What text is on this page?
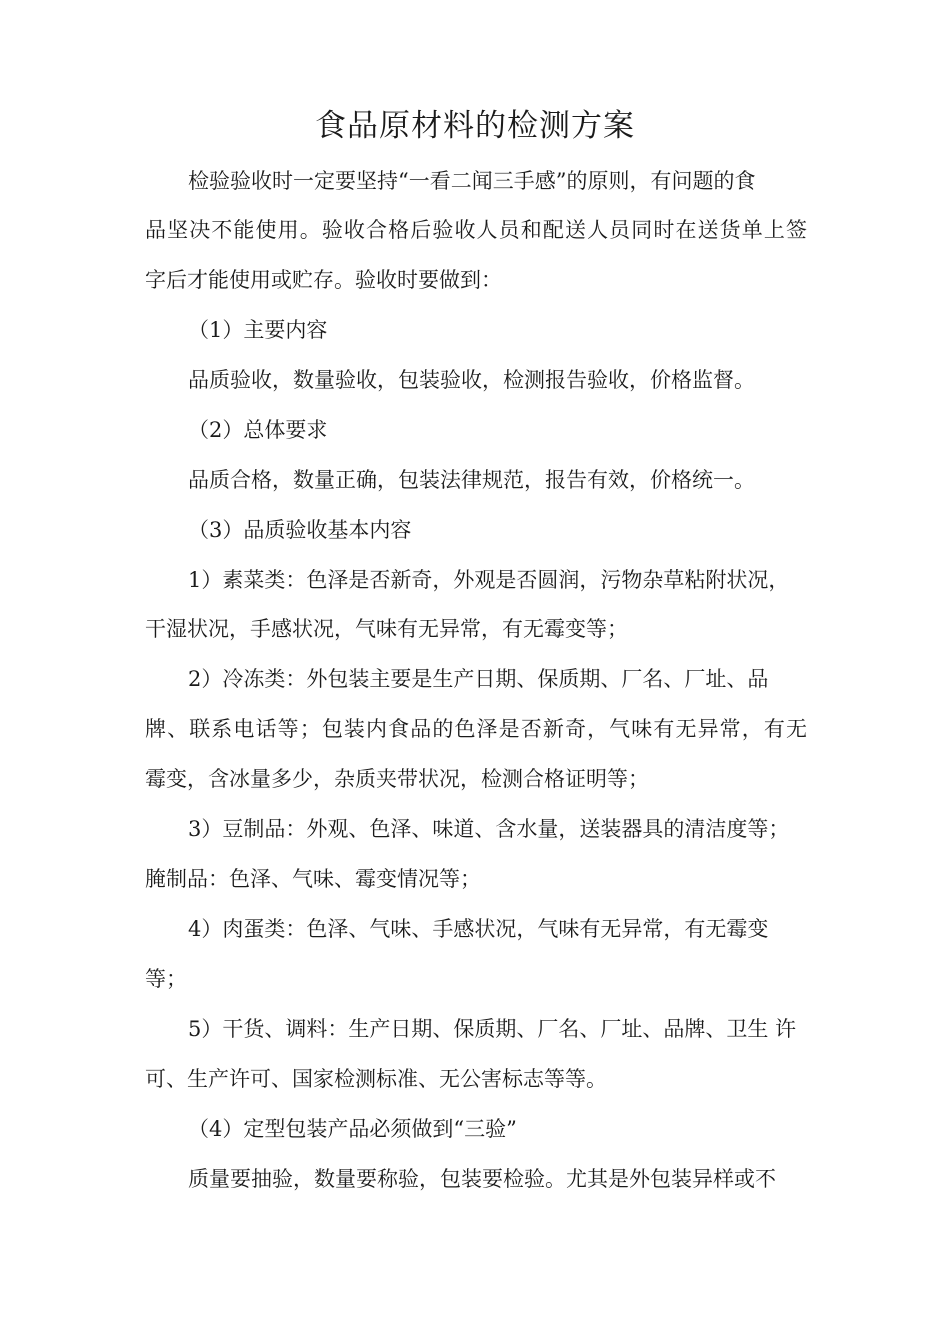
食品原材料的检测方案
检验验收时一定要坚持“一看二闻三手感”的原则，有问题的食
品坚决不能使用。验收合格后验收人员和配送人员同时在送货单上签
字后才能使用或贮存。验收时要做到：
（1）主要内容
品质验收，数量验收，包装验收，检测报告验收，价格监督。
（2）总体要求
品质合格，数量正确，包装法律规范，报告有效，价格统一。
（3）品质验收基本内容
1）素菜类：色泽是否新奇，外观是否圆润，污物杂草粘附状况，
干湿状况，手感状况，气味有无异常，有无霉变等；
2）冷冻类：外包装主要是生产日期、保质期、厂名、厂址、品
牌、联系电话等；包装内食品的色泽是否新奇，气味有无异常，有无
霉变，含冰量多少，杂质夹带状况，检测合格证明等；
3）豆制品：外观、色泽、味道、含水量，送装器具的清洁度等；
腌制品：色泽、气味、霉变情况等；
4）肉蛋类：色泽、气味、手感状况，气味有无异常，有无霉变
等；
5）干货、调料：生产日期、保质期、厂名、厂址、品牌、卫生 许
可、生产许可、国家检测标准、无公害标志等等。
（4）定型包装产品必须做到“三验”
质量要抽验，数量要称验，包装要检验。尤其是外包装异样或不
